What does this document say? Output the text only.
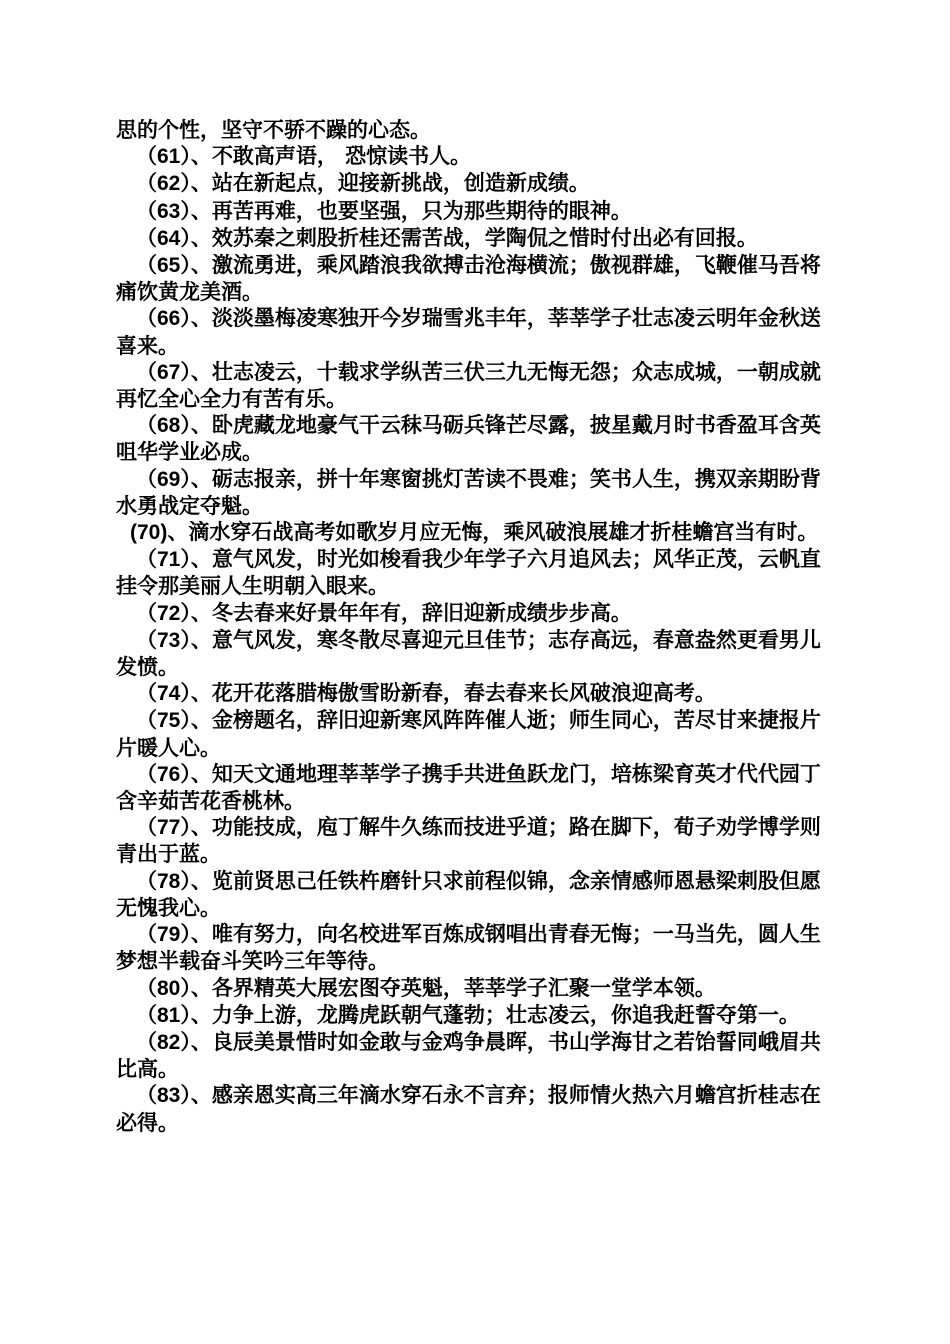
思的个性，坚守不骄不躁的心态。

（61）、不敢高声语， 恐惊读书人。

（62）、站在新起点，迎接新挑战，创造新成绩。

（63）、再苦再难，也要坚强，只为那些期待的眼神。

（64）、效苏秦之刺股折桂还需苦战，学陶侃之惜时付出必有回报。

（65）、激流勇进，乘风踏浪我欲搏击沧海横流；傲视群雄，飞鞭催马吾将痛饮黄龙美酒。

（66）、淡淡墨梅凌寒独开今岁瑞雪兆丰年，莘莘学子壮志凌云明年金秋送喜来。

（67）、壮志凌云，十载求学纵苦三伏三九无悔无怨；众志成城，一朝成就再忆全心全力有苦有乐。

（68）、卧虎藏龙地豪气干云秣马砺兵锋芒尽露，披星戴月时书香盈耳含英咀华学业必成。

（69）、砺志报亲，拼十年寒窗挑灯苦读不畏难；笑书人生，携双亲期盼背水勇战定夺魁。

(70)、滴水穿石战高考如歌岁月应无悔，乘风破浪展雄才折桂蟾宫当有时。

（71）、意气风发，时光如梭看我少年学子六月追风去；风华正茂，云帆直挂令那美丽人生明朝入眼来。

（72）、冬去春来好景年年有，辞旧迎新成绩步步高。

（73）、意气风发，寒冬散尽喜迎元旦佳节；志存高远，春意盎然更看男儿发愤。

（74）、花开花落腊梅傲雪盼新春，春去春来长风破浪迎高考。

（75）、金榜题名，辞旧迎新寒风阵阵催人逝；师生同心，苦尽甘来捷报片片暖人心。

（76）、知天文通地理莘莘学子携手共进鱼跃龙门，培栋梁育英才代代园丁含辛茹苦花香桃林。

（77）、功能技成，庖丁解牛久练而技进乎道；路在脚下，荀子劝学博学则青出于蓝。

（78）、览前贤思己任铁杵磨针只求前程似锦，念亲情感师恩悬梁刺股但愿无愧我心。

（79）、唯有努力，向名校进军百炼成钢唱出青春无悔；一马当先，圆人生梦想半载奋斗笑吟三年等待。

（80）、各界精英大展宏图夺英魁，莘莘学子汇聚一堂学本领。

（81）、力争上游，龙腾虎跃朝气蓬勃；壮志凌云，你追我赶誓夺第一。

（82）、良辰美景惜时如金敢与金鸡争晨晖，书山学海甘之若饴誓同峨眉共比高。

（83）、感亲恩实高三年滴水穿石永不言弃；报师情火热六月蟾宫折桂志在必得。
